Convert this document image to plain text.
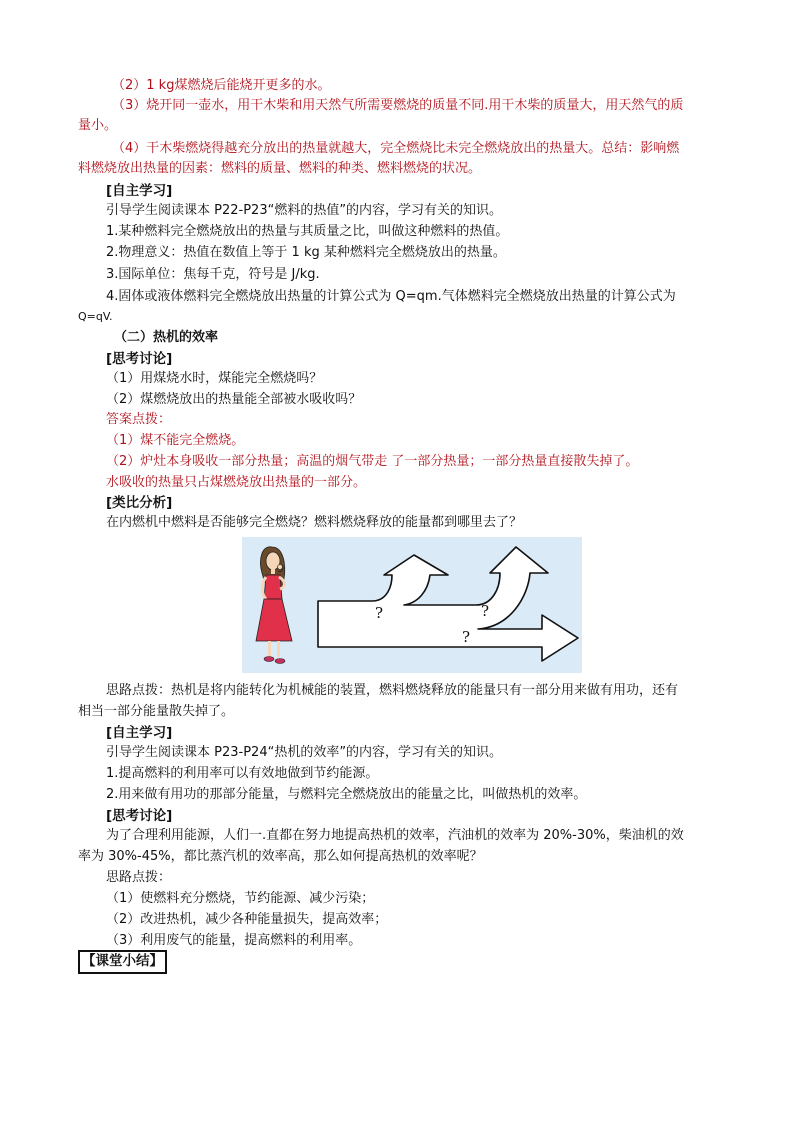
（2）1 kg煤燃烧后能烧开更多的水。
（3）烧开同一壶水，用干木柴和用天然气所需要燃烧的质量不同.用干木柴的质量大，用天然气的质
量小。
（4）干木柴燃烧得越充分放出的热量就越大，完全燃烧比未完全燃烧放出的热量大。总结：影响燃
料燃烧放出热量的因素：燃料的质量、燃料的种类、燃料燃烧的状况。
[自主学习]
引导学生阅读课本 P22-P23“燃料的热值”的内容，学习有关的知识。
1.某种燃料完全燃烧放出的热量与其质量之比，叫做这种燃料的热值。
2.物理意义：热值在数值上等于 1 kg 某种燃料完全燃烧放出的热量。
3.国际单位：焦每千克，符号是 J/kg.
4.固体或液体燃料完全燃烧放出热量的计算公式为 Q=qm.气体燃料完全燃烧放出热量的计算公式为
Q=qV.
（二）热机的效率
[思考讨论]
（1）用煤烧水时，煤能完全燃烧吗？
（2）煤燃烧放出的热量能全部被水吸收吗？
答案点拨：
（1）煤不能完全燃烧。
（2）炉灶本身吸收一部分热量；高温的烟气带走 了一部分热量；一部分热量直接散失掉了。
水吸收的热量只占煤燃烧放出热量的一部分。
[类比分析]
在内燃机中燃料是否能够完全燃烧？燃料燃烧释放的能量都到哪里去了？
?	?
?
思路点拨：热机是将内能转化为机械能的装置，燃料燃烧释放的能量只有一部分用来做有用功，还有
相当一部分能量散失掉了。
[自主学习]
引导学生阅读课本 P23-P24“热机的效率”的内容，学习有关的知识。
1.提高燃料的利用率可以有效地做到节约能源。
2.用来做有用功的那部分能量，与燃料完全燃烧放出的能量之比，叫做热机的效率。
[思考讨论]
为了合理利用能源，人们一.直都在努力地提高热机的效率，汽油机的效率为 20%-30%，柴油机的效
率为 30%-45%，都比蒸汽机的效率高，那么如何提高热机的效率呢？
思路点拨：
（1）使燃料充分燃烧，节约能源、减少污染；
（2）改进热机，减少各种能量损失，提高效率；
（3）利用废气的能量，提高燃料的利用率。
【课堂小结】
